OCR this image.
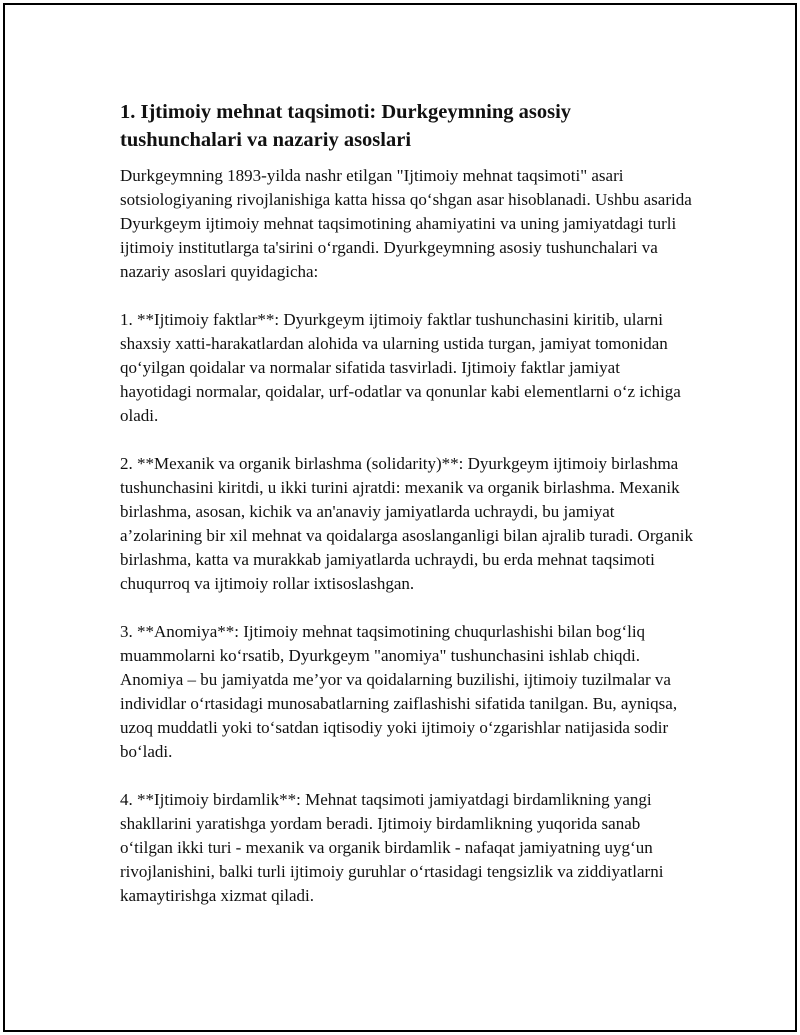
1. Ijtimoiy mehnat taqsimoti: Durkgeymning asosiy tushunchalari va nazariy asoslari

Durkgeymning 1893-yilda nashr etilgan "Ijtimoiy mehnat taqsimoti" asari sotsiologiyaning rivojlanishiga katta hissa qo‘shgan asar hisoblanadi. Ushbu asarida Dyurkgeym ijtimoiy mehnat taqsimotining ahamiyatini va uning jamiyatdagi turli ijtimoiy institutlarga ta'sirini o‘rgandi. Dyurkgeymning asosiy tushunchalari va nazariy asoslari quyidagicha:

1. **Ijtimoiy faktlar**: Dyurkgeym ijtimoiy faktlar tushunchasini kiritib, ularni shaxsiy xatti-harakatlardan alohida va ularning ustida turgan, jamiyat tomonidan qo‘yilgan qoidalar va normalar sifatida tasvirladi. Ijtimoiy faktlar jamiyat hayotidagi normalar, qoidalar, urf-odatlar va qonunlar kabi elementlarni o‘z ichiga oladi.

2. **Mexanik va organik birlashma (solidarity)**: Dyurkgeym ijtimoiy birlashma tushunchasini kiritdi, u ikki turini ajratdi: mexanik va organik birlashma. Mexanik birlashma, asosan, kichik va an'anaviy jamiyatlarda uchraydi, bu jamiyat a’zolarining bir xil mehnat va qoidalarga asoslanganligi bilan ajralib turadi. Organik birlashma, katta va murakkab jamiyatlarda uchraydi, bu erda mehnat taqsimoti chuqurroq va ijtimoiy rollar ixtisoslashgan.

3. **Anomiya**: Ijtimoiy mehnat taqsimotining chuqurlashishi bilan bog‘liq muammolarni ko‘rsatib, Dyurkgeym "anomiya" tushunchasini ishlab chiqdi. Anomiya – bu jamiyatda me’yor va qoidalarning buzilishi, ijtimoiy tuzilmalar va individlar o‘rtasidagi munosabatlarning zaiflashishi sifatida tanilgan. Bu, ayniqsa, uzoq muddatli yoki to‘satdan iqtisodiy yoki ijtimoiy o‘zgarishlar natijasida sodir bo‘ladi.

4. **Ijtimoiy birdamlik**: Mehnat taqsimoti jamiyatdagi birdamlikning yangi shakllarini yaratishga yordam beradi. Ijtimoiy birdamlikning yuqorida sanab o‘tilgan ikki turi - mexanik va organik birdamlik - nafaqat jamiyatning uyg‘un rivojlanishini, balki turli ijtimoiy guruhlar o‘rtasidagi tengsizlik va ziddiyatlarni kamaytirishga xizmat qiladi.
